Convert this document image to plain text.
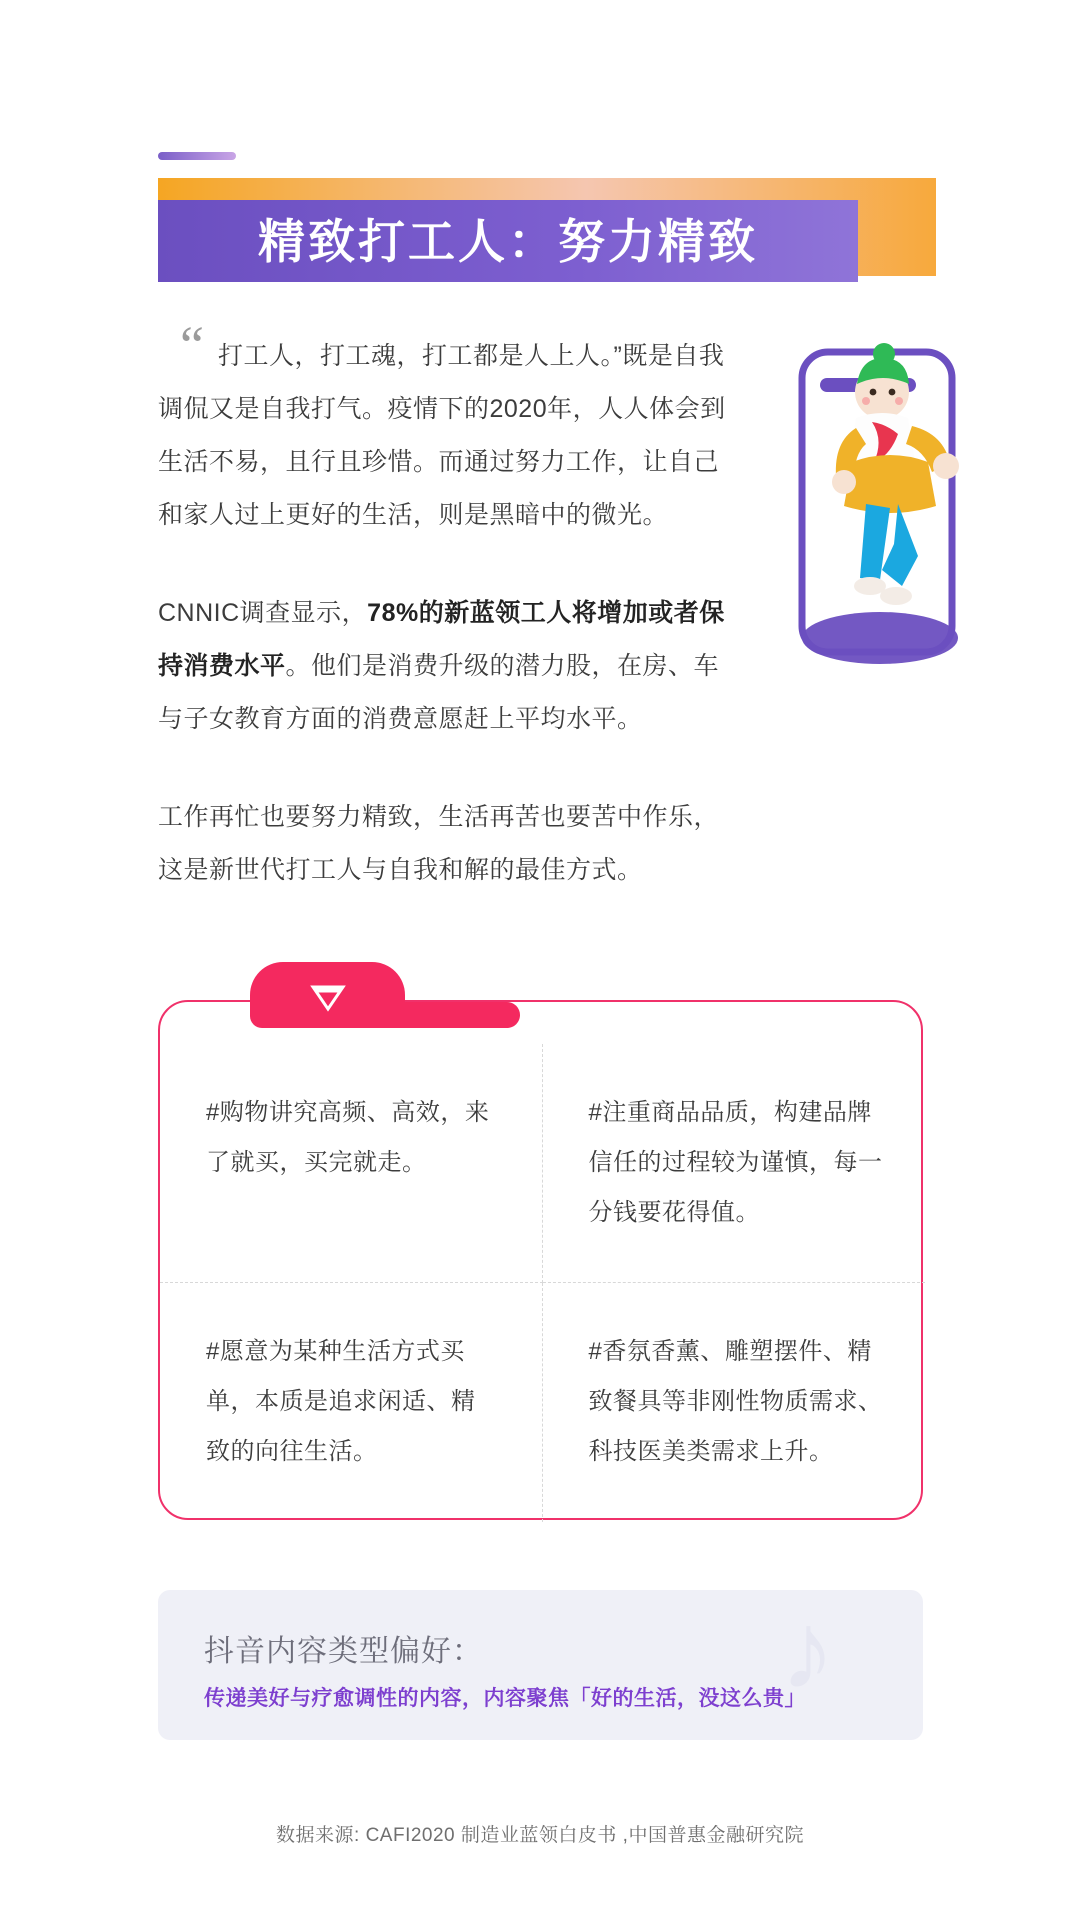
精致打工人：努力精致
“ 打工人，打工魂，打工都是人上人。”既是自我调侃又是自我打气。疫情下的2020年，人人体会到生活不易，且行且珍惜。而通过努力工作，让自己和家人过上更好的生活，则是黑暗中的微光。

CNNIC调查显示，78%的新蓝领工人将增加或者保持消费水平。他们是消费升级的潜力股，在房、车与子女教育方面的消费意愿赶上平均水平。

工作再忙也要努力精致，生活再苦也要苦中作乐，这是新世代打工人与自我和解的最佳方式。

#购物讲究高频、高效，来了就买，买完就走。
#注重商品品质，构建品牌信任的过程较为谨慎，每一分钱要花得值。
#愿意为某种生活方式买单，本质是追求闲适、精致的向往生活。
#香氛香薰、雕塑摆件、精致餐具等非刚性物质需求、科技医美类需求上升。
♪
抖音内容类型偏好：
传递美好与疗愈调性的内容，内容聚焦「好的生活，没这么贵」
数据来源: CAFI2020 制造业蓝领白皮书 ,中国普惠金融研究院
